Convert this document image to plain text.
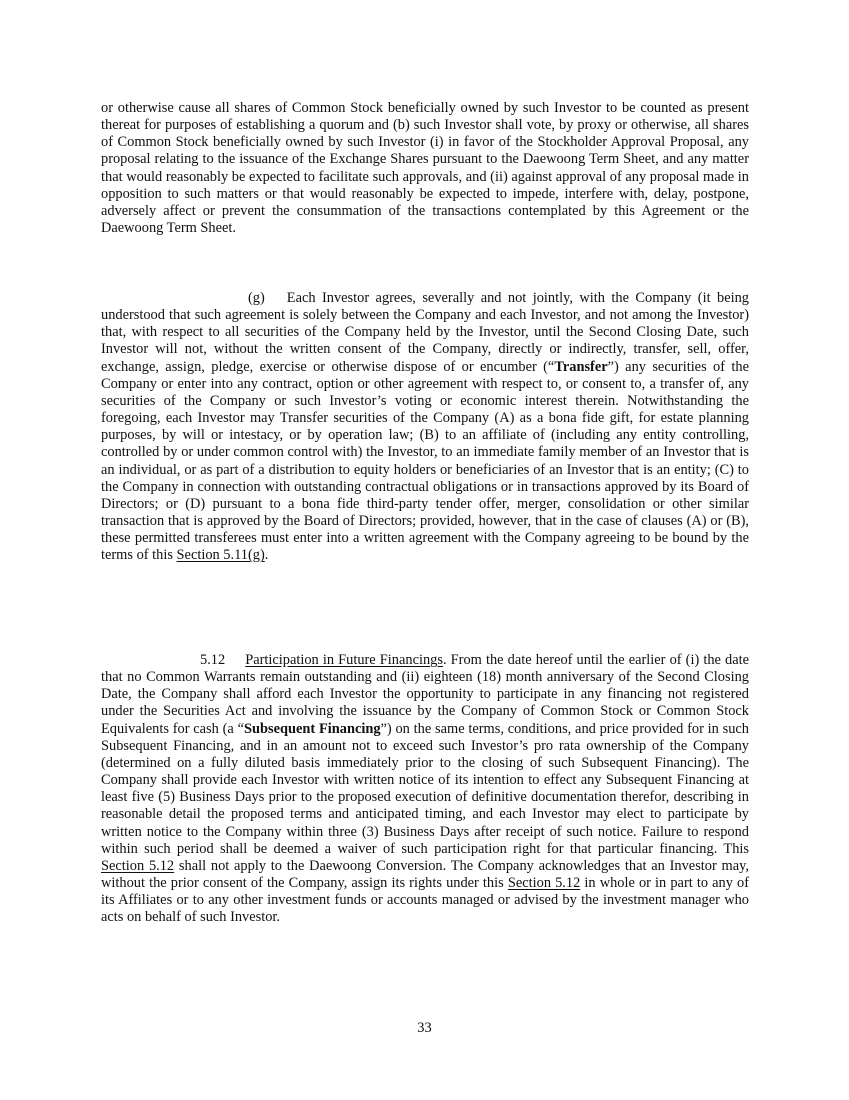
or otherwise cause all shares of Common Stock beneficially owned by such Investor to be counted as present thereat for purposes of establishing a quorum and (b) such Investor shall vote, by proxy or otherwise, all shares of Common Stock beneficially owned by such Investor (i) in favor of the Stockholder Approval Proposal, any proposal relating to the issuance of the Exchange Shares pursuant to the Daewoong Term Sheet, and any matter that would reasonably be expected to facilitate such approvals, and (ii) against approval of any proposal made in opposition to such matters or that would reasonably be expected to impede, interfere with, delay, postpone, adversely affect or prevent the consummation of the transactions contemplated by this Agreement or the Daewoong Term Sheet.

(g) Each Investor agrees, severally and not jointly, with the Company (it being understood that such agreement is solely between the Company and each Investor, and not among the Investor) that, with respect to all securities of the Company held by the Investor, until the Second Closing Date, such Investor will not, without the written consent of the Company, directly or indirectly, transfer, sell, offer, exchange, assign, pledge, exercise or otherwise dispose of or encumber (“Transfer”) any securities of the Company or enter into any contract, option or other agreement with respect to, or consent to, a transfer of, any securities of the Company or such Investor’s voting or economic interest therein. Notwithstanding the foregoing, each Investor may Transfer securities of the Company (A) as a bona fide gift, for estate planning purposes, by will or intestacy, or by operation law; (B) to an affiliate of (including any entity controlling, controlled by or under common control with) the Investor, to an immediate family member of an Investor that is an individual, or as part of a distribution to equity holders or beneficiaries of an Investor that is an entity; (C) to the Company in connection with outstanding contractual obligations or in transactions approved by its Board of Directors; or (D) pursuant to a bona fide third-party tender offer, merger, consolidation or other similar transaction that is approved by the Board of Directors; provided, however, that in the case of clauses (A) or (B), these permitted transferees must enter into a written agreement with the Company agreeing to be bound by the terms of this Section 5.11(g).

5.12 Participation in Future Financings. From the date hereof until the earlier of (i) the date that no Common Warrants remain outstanding and (ii) eighteen (18) month anniversary of the Second Closing Date, the Company shall afford each Investor the opportunity to participate in any financing not registered under the Securities Act and involving the issuance by the Company of Common Stock or Common Stock Equivalents for cash (a “Subsequent Financing”) on the same terms, conditions, and price provided for in such Subsequent Financing, and in an amount not to exceed such Investor’s pro rata ownership of the Company (determined on a fully diluted basis immediately prior to the closing of such Subsequent Financing). The Company shall provide each Investor with written notice of its intention to effect any Subsequent Financing at least five (5) Business Days prior to the proposed execution of definitive documentation therefor, describing in reasonable detail the proposed terms and anticipated timing, and each Investor may elect to participate by written notice to the Company within three (3) Business Days after receipt of such notice. Failure to respond within such period shall be deemed a waiver of such participation right for that particular financing. This Section 5.12 shall not apply to the Daewoong Conversion. The Company acknowledges that an Investor may, without the prior consent of the Company, assign its rights under this Section 5.12 in whole or in part to any of its Affiliates or to any other investment funds or accounts managed or advised by the investment manager who acts on behalf of such Investor.

33
